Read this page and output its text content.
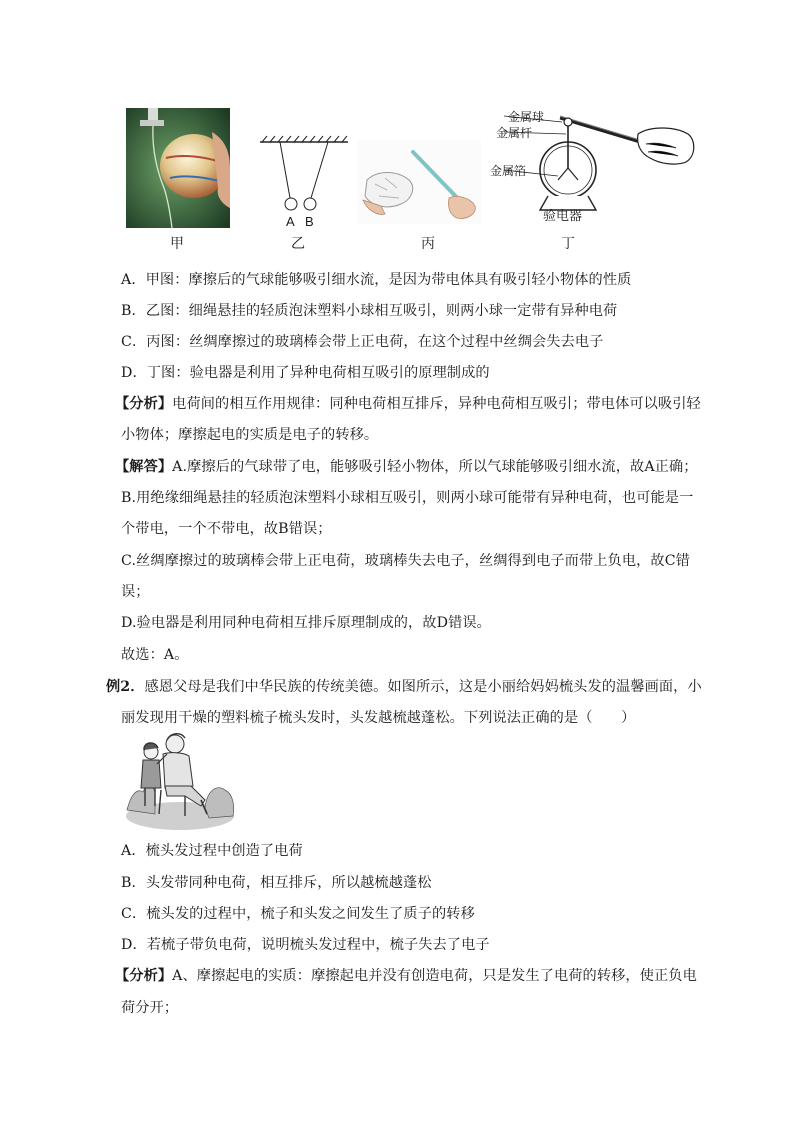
甲
A B
乙	丙
金属球
金属杆
金属箔
验电器
丁
A．甲图：摩擦后的气球能够吸引细水流，是因为带电体具有吸引轻小物体的性质
B．乙图：细绳悬挂的轻质泡沫塑料小球相互吸引，则两小球一定带有异种电荷
C．丙图：丝绸摩擦过的玻璃棒会带上正电荷，在这个过程中丝绸会失去电子
D．丁图：验电器是利用了异种电荷相互吸引的原理制成的
【分析】电荷间的相互作用规律：同种电荷相互排斥，异种电荷相互吸引；带电体可以吸引轻
小物体；摩擦起电的实质是电子的转移。
【解答】A.摩擦后的气球带了电，能够吸引轻小物体，所以气球能够吸引细水流，故A正确；
B.用绝缘细绳悬挂的轻质泡沫塑料小球相互吸引，则两小球可能带有异种电荷，也可能是一
个带电，一个不带电，故B错误；
C.丝绸摩擦过的玻璃棒会带上正电荷，玻璃棒失去电子，丝绸得到电子而带上负电，故C错
误；
D.验电器是利用同种电荷相互排斥原理制成的，故D错误。
故选：A。
例2．感恩父母是我们中华民族的传统美德。如图所示，这是小丽给妈妈梳头发的温馨画面，小
丽发现用干燥的塑料梳子梳头发时，头发越梳越蓬松。下列说法正确的是（　　）
A．梳头发过程中创造了电荷
B．头发带同种电荷，相互排斥，所以越梳越蓬松
C．梳头发的过程中，梳子和头发之间发生了质子的转移
D．若梳子带负电荷，说明梳头发过程中，梳子失去了电子
【分析】A、摩擦起电的实质：摩擦起电并没有创造电荷，只是发生了电荷的转移，使正负电
荷分开；
